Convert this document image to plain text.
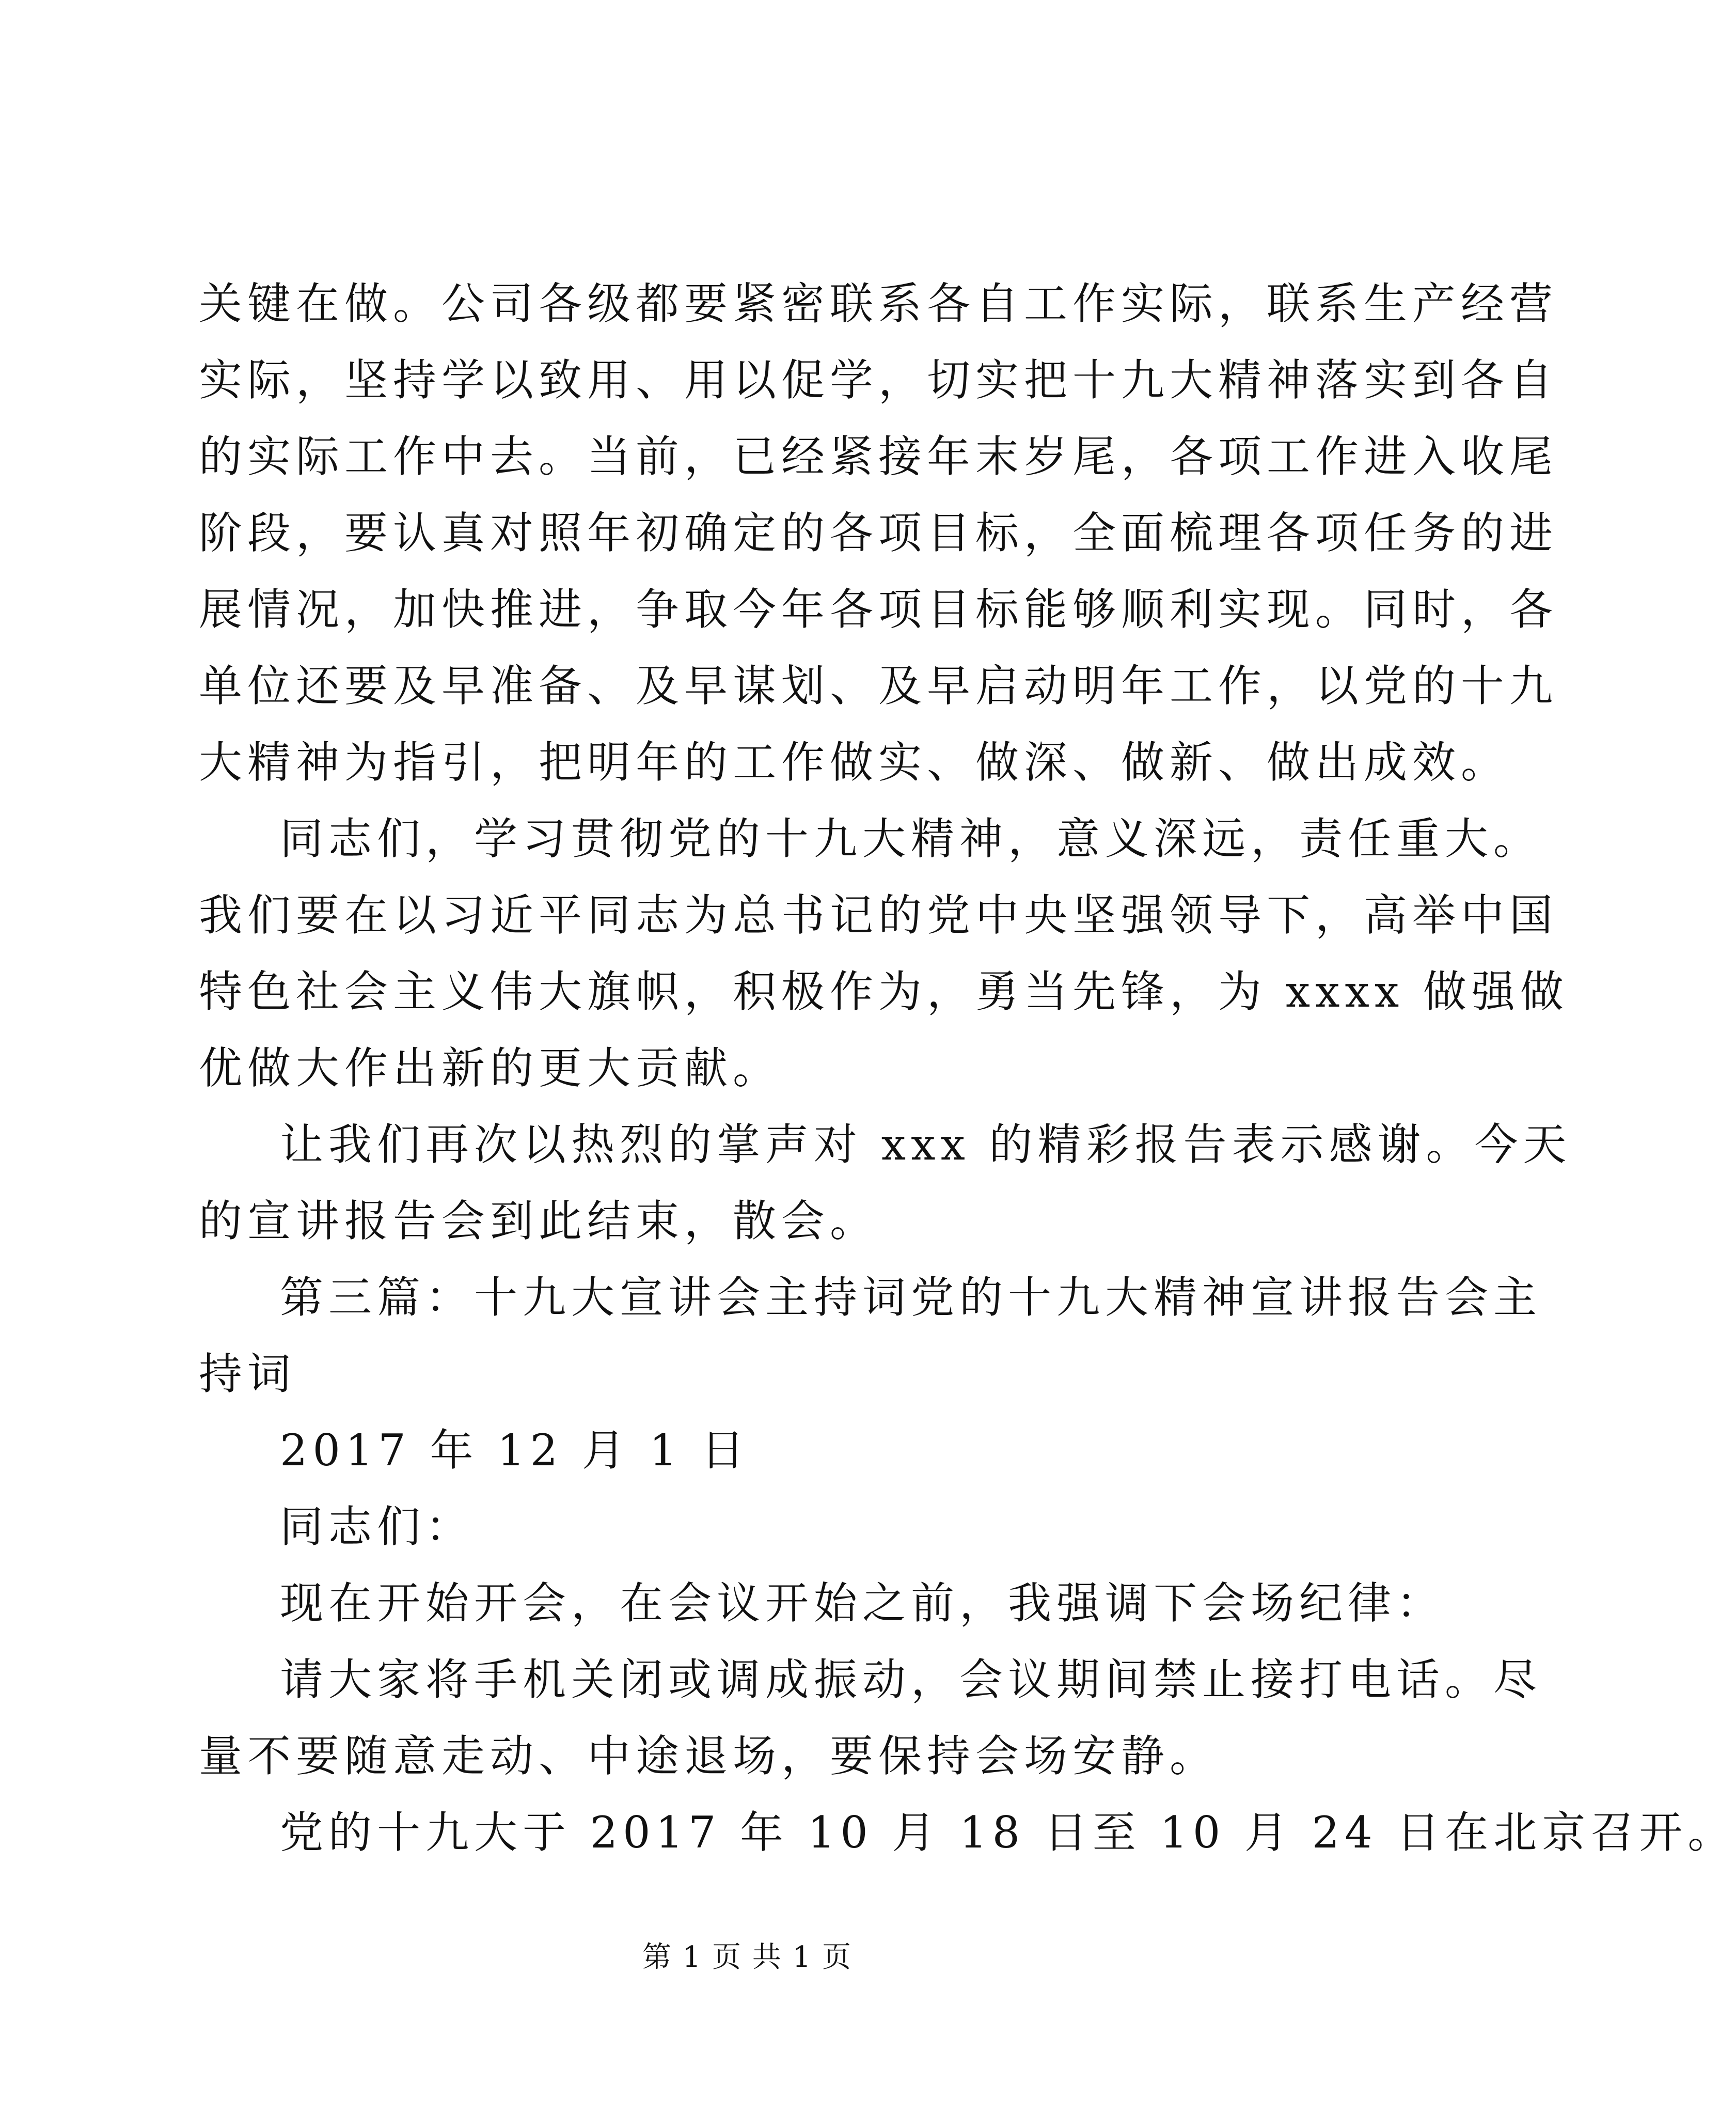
关键在做。公司各级都要紧密联系各自工作实际，联系生产经营

实际，坚持学以致用、用以促学，切实把十九大精神落实到各自

的实际工作中去。当前，已经紧接年末岁尾，各项工作进入收尾

阶段，要认真对照年初确定的各项目标，全面梳理各项任务的进

展情况，加快推进，争取今年各项目标能够顺利实现。同时，各

单位还要及早准备、及早谋划、及早启动明年工作，以党的十九

大精神为指引，把明年的工作做实、做深、做新、做出成效。

同志们，学习贯彻党的十九大精神，意义深远，责任重大。

我们要在以习近平同志为总书记的党中央坚强领导下，高举中国

特色社会主义伟大旗帜，积极作为，勇当先锋，为 xxxx 做强做

优做大作出新的更大贡献。

让我们再次以热烈的掌声对 xxx 的精彩报告表示感谢。今天

的宣讲报告会到此结束，散会。

第三篇：十九大宣讲会主持词党的十九大精神宣讲报告会主

持词

2017 年 12 月 1 日

同志们：

现在开始开会，在会议开始之前，我强调下会场纪律：

请大家将手机关闭或调成振动，会议期间禁止接打电话。尽

量不要随意走动、中途退场，要保持会场安静。

党的十九大于 2017 年 10 月 18 日至 10 月 24 日在北京召开。

第 1 页 共 1 页
